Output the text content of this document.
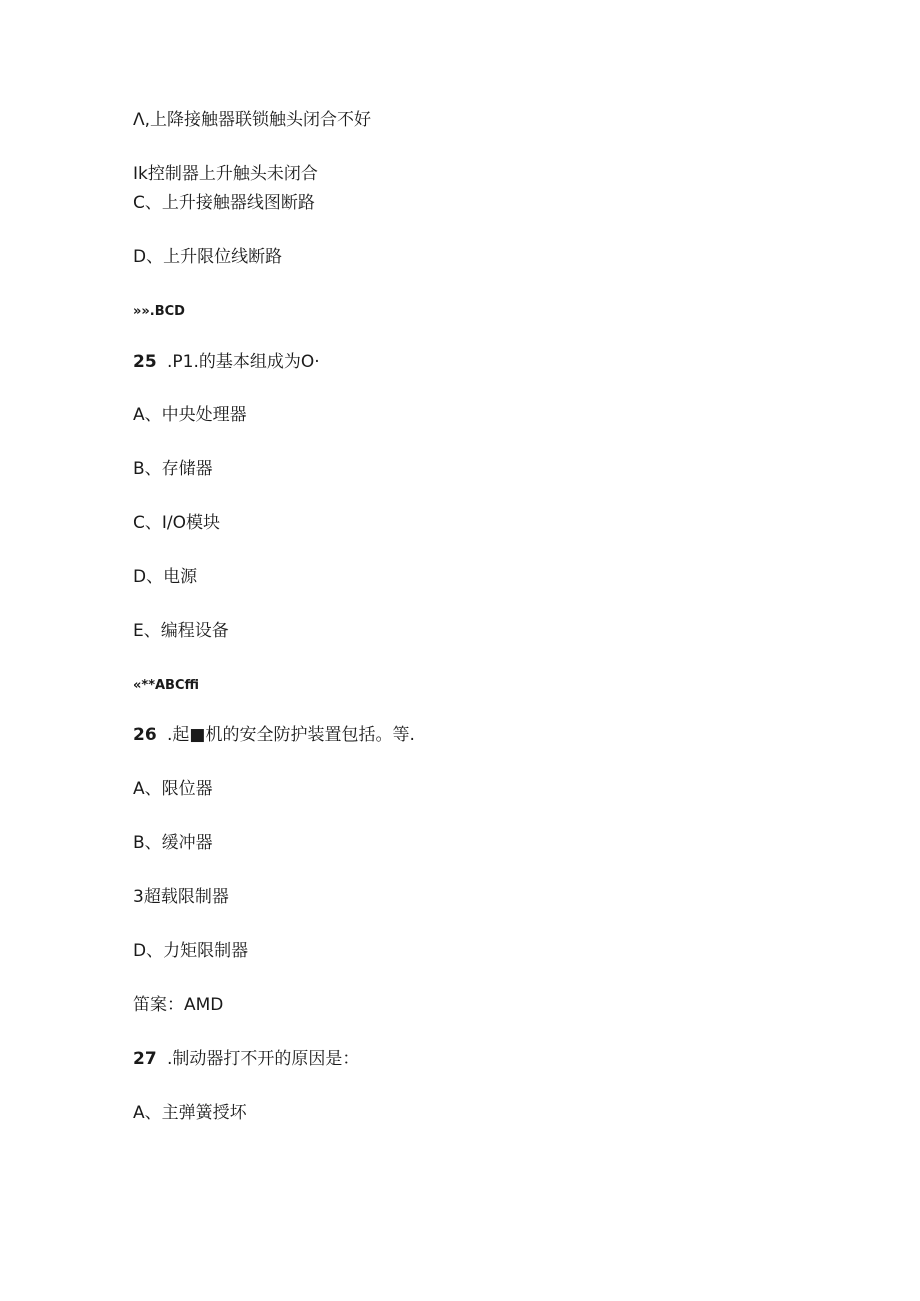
Λ,上降接触器联锁触头闭合不好
Ik控制器上升触头未闭合
C、上升接触器线图断路
D、上升限位线断路
»».BCD
25 .P1.的基本组成为O·
A、中央处理器
B、存储器
C、I/O模块
D、电源
E、编程设备
«**ABCffi
26 .起■机的安全防护装置包括。等.
A、限位器
B、缓冲器
3超载限制器
D、力矩限制器
笛案：AMD
27 .制动器打不开的原因是：
A、主弹簧授坏
